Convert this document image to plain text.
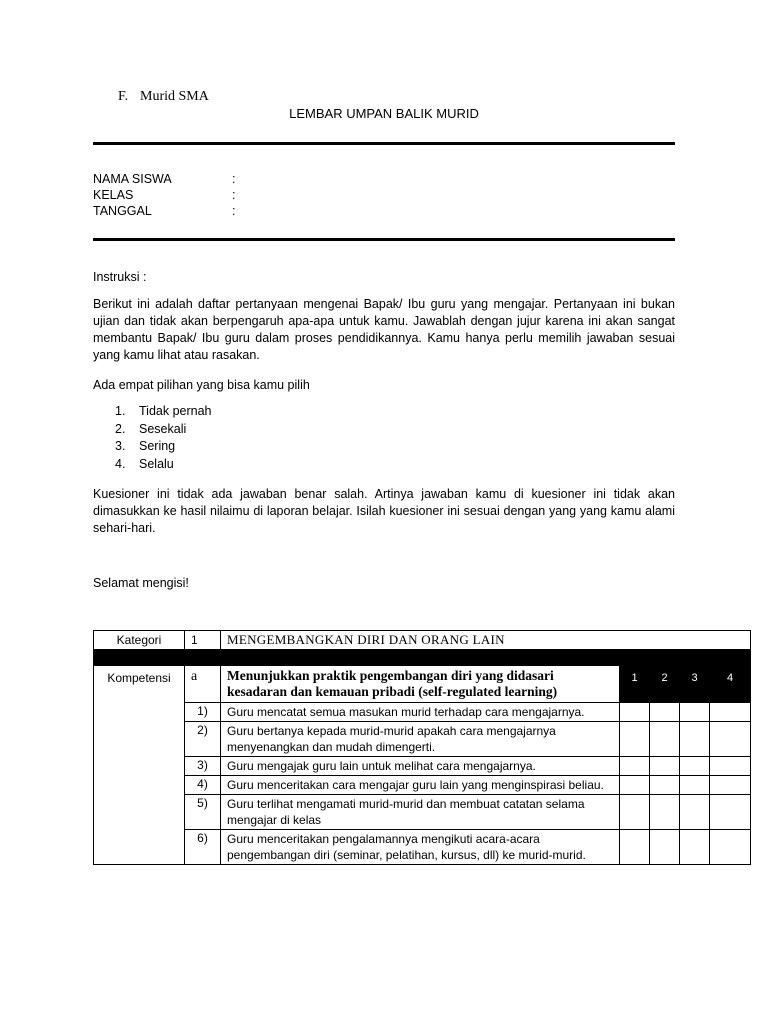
F. Murid SMA
LEMBAR UMPAN BALIK MURID
NAMA SISWA	:
KELAS	:
TANGGAL	:
Instruksi :
Berikut ini adalah daftar pertanyaan mengenai Bapak/ Ibu guru yang mengajar. Pertanyaan ini bukan ujian dan tidak akan berpengaruh apa-apa untuk kamu. Jawablah dengan jujur karena ini akan sangat membantu Bapak/ Ibu guru dalam proses pendidikannya. Kamu hanya perlu memilih jawaban sesuai yang kamu lihat atau rasakan.
Ada empat pilihan yang bisa kamu pilih
1.	Tidak pernah
2.	Sesekali
3.	Sering
4.	Selalu
Kuesioner ini tidak ada jawaban benar salah. Artinya jawaban kamu di kuesioner ini tidak akan dimasukkan ke hasil nilaimu di laporan belajar. Isilah kuesioner ini sesuai dengan yang yang kamu alami sehari-hari.
Selamat mengisi!
Kategori	1	MENGEMBANGKAN DIRI DAN ORANG LAIN				

Kompetensi	a	Menunjukkan praktik pengembangan diri yang didasari kesadaran dan kemauan pribadi (self-regulated learning)	1	2	3	4
	1)	Guru mencatat semua masukan murid terhadap cara mengajarnya.				
	2)	Guru bertanya kepada murid-murid apakah cara mengajarnya menyenangkan dan mudah dimengerti.				
	3)	Guru mengajak guru lain untuk melihat cara mengajarnya.				
	4)	Guru menceritakan cara mengajar guru lain yang menginspirasi beliau.				
	5)	Guru terlihat mengamati murid-murid dan membuat catatan selama mengajar di kelas				
	6)	Guru menceritakan pengalamannya mengikuti acara-acara pengembangan diri (seminar, pelatihan, kursus, dll) ke murid-murid.				
